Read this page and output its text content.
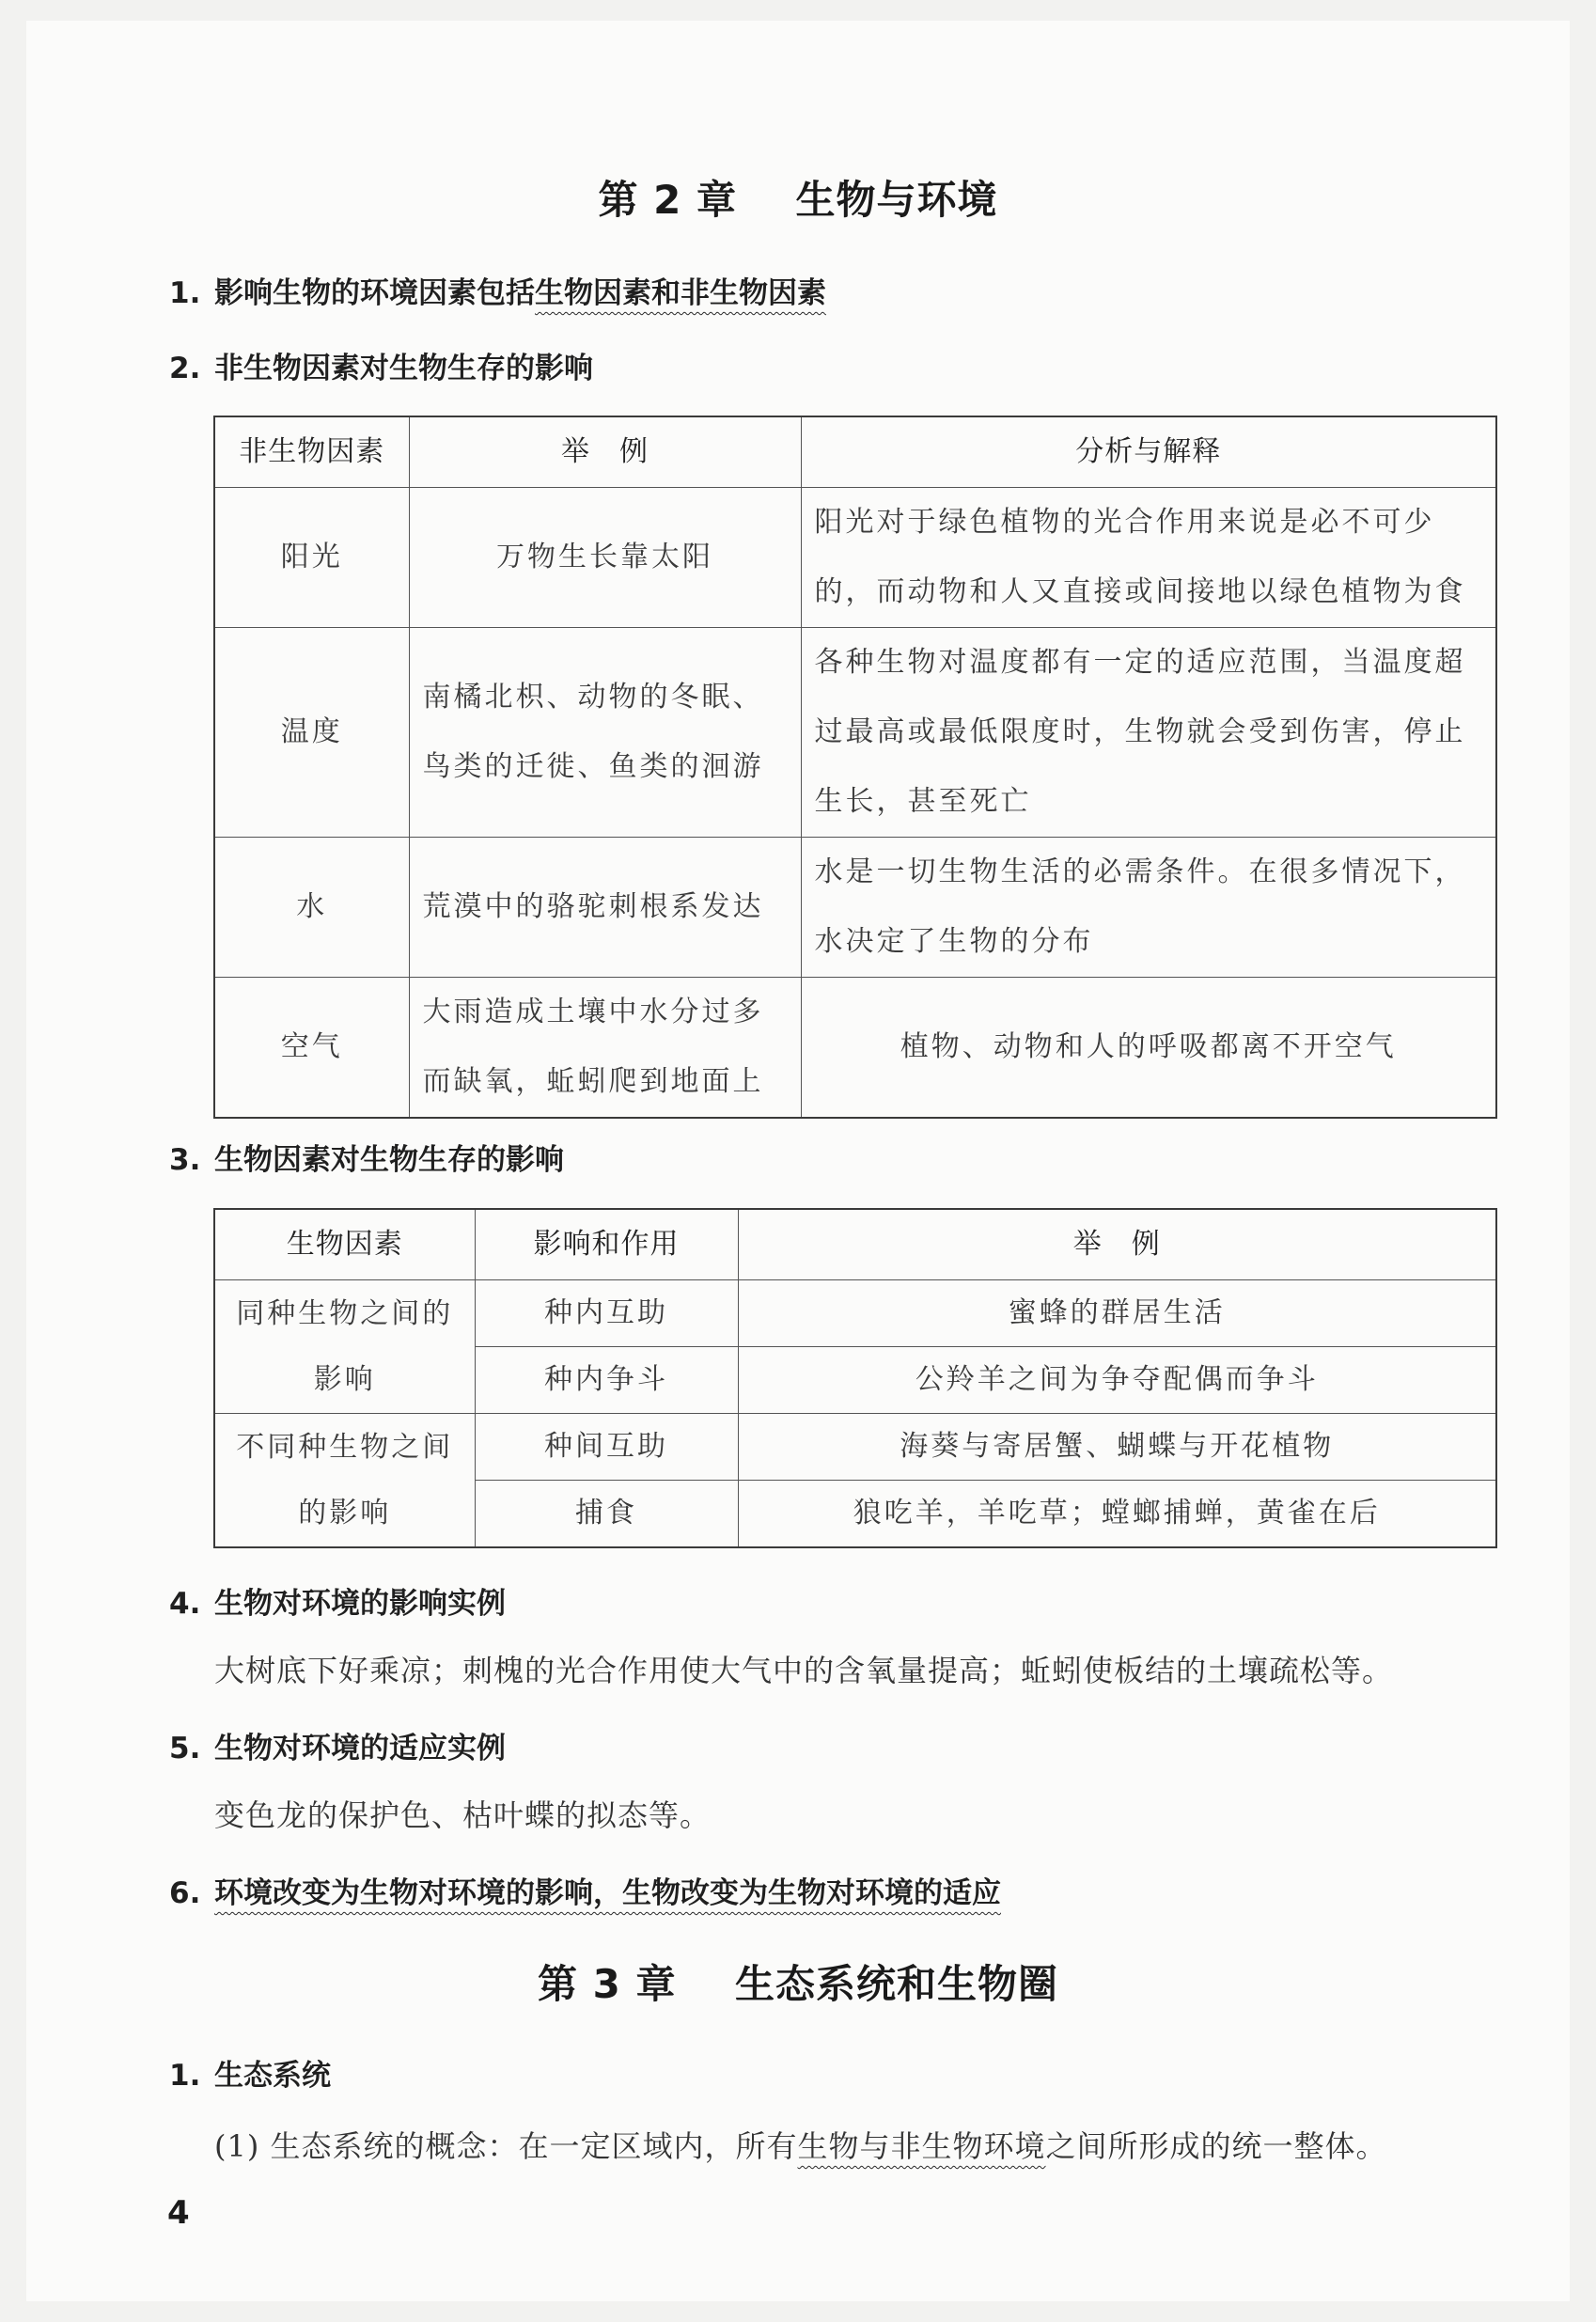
第 2 章    生物与环境
1. 影响生物的环境因素包括生物因素和非生物因素
2. 非生物因素对生物生存的影响
非生物因素	举　例	分析与解释
阳光	万物生长靠太阳	阳光对于绿色植物的光合作用来说是必不可少的，而动物和人又直接或间接地以绿色植物为食
温度	南橘北枳、动物的冬眠、鸟类的迁徙、鱼类的洄游	各种生物对温度都有一定的适应范围，当温度超过最高或最低限度时，生物就会受到伤害，停止生长，甚至死亡
水	荒漠中的骆驼刺根系发达	水是一切生物生活的必需条件。在很多情况下，水决定了生物的分布
空气	大雨造成土壤中水分过多而缺氧，蚯蚓爬到地面上	植物、动物和人的呼吸都离不开空气
3. 生物因素对生物生存的影响
生物因素	影响和作用	举　例
同种生物之间的影响	种内互助	蜜蜂的群居生活
	种内争斗	公羚羊之间为争夺配偶而争斗
不同种生物之间的影响	种间互助	海葵与寄居蟹、蝴蝶与开花植物
	捕食	狼吃羊，羊吃草；螳螂捕蝉，黄雀在后
4. 生物对环境的影响实例
大树底下好乘凉；刺槐的光合作用使大气中的含氧量提高；蚯蚓使板结的土壤疏松等。
5. 生物对环境的适应实例
变色龙的保护色、枯叶蝶的拟态等。
6. 环境改变为生物对环境的影响，生物改变为生物对环境的适应
第 3 章    生态系统和生物圈
1. 生态系统
(1) 生态系统的概念：在一定区域内，所有生物与非生物环境之间所形成的统一整体。
4
